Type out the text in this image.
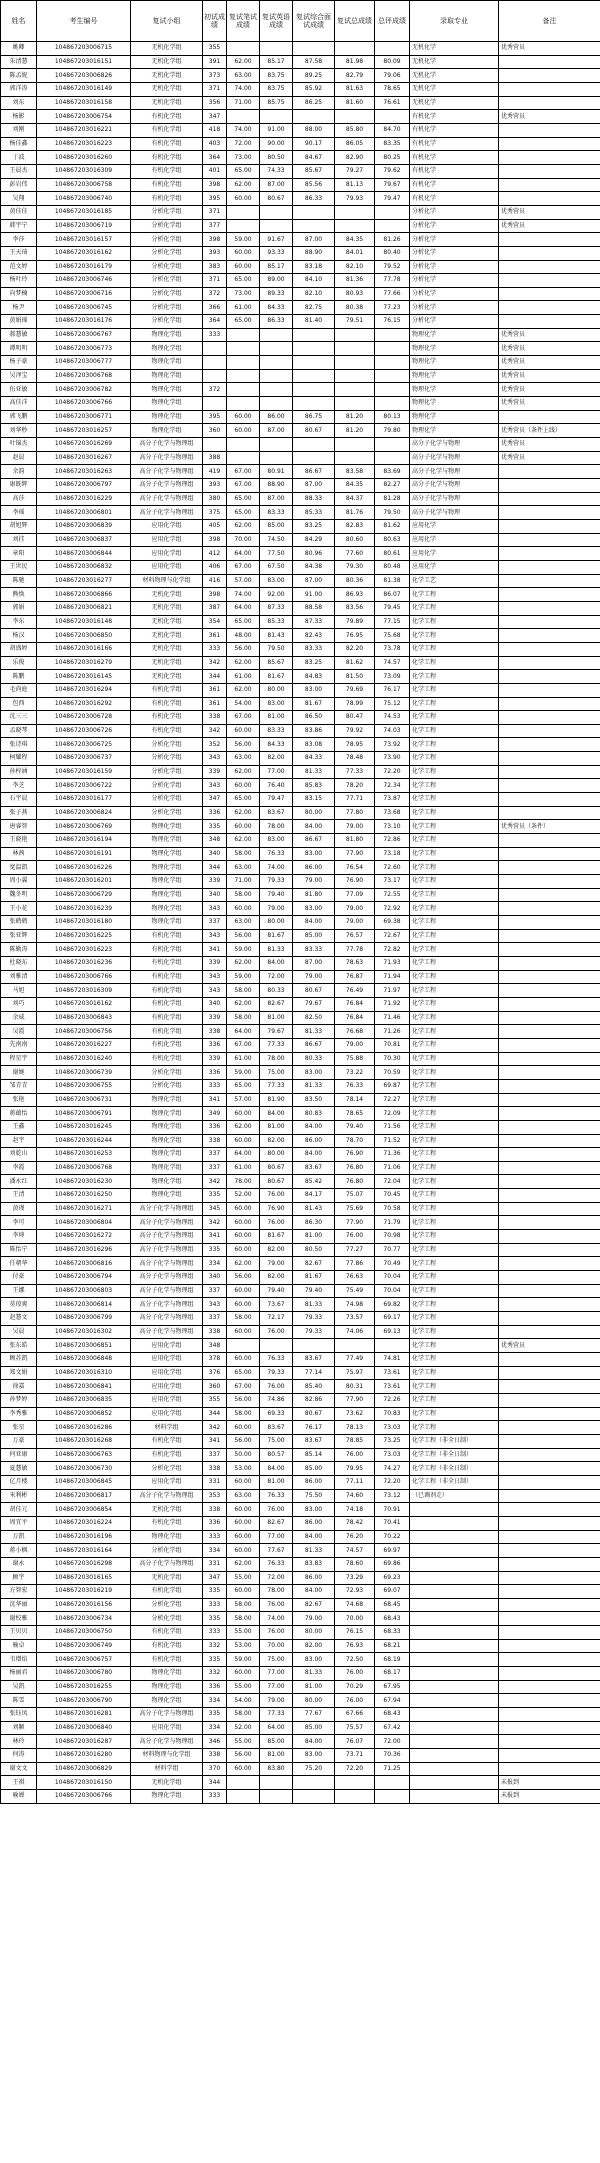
姓名	考生编号	复试小组	初试成绩	复试笔试成绩	复试英语成绩	复试综合面试成绩	复试总成绩	总评成绩	录取专业	备注
姚卿	104867203006715	无机化学组	355						无机化学	优秀营员
朱清慧	104867203016151	无机化学组	391	62.00	85.17	87.58	81.98	80.09	无机化学	
陈孟妮	104867203006826	无机化学组	373	63.00	83.75	89.25	82.79	79.06	无机化学	
郭洋涛	104867203016149	无机化学组	371	74.00	83.75	85.92	81.63	78.65	无机化学	
刘东	104867203016158	无机化学组	356	71.00	85.75	86.25	81.60	76.61	无机化学	
杨影	104867203006754	有机化学组	347						有机化学	优秀营员
刘刚	104867203016221	有机化学组	418	74.00	91.00	88.00	85.80	84.70	有机化学	
杨佳鑫	104867203016223	有机化学组	403	72.00	90.00	90.17	86.05	83.35	有机化学	
丁波	104867203016260	有机化学组	364	73.00	80.50	84.67	82.90	80.25	有机化学	
王晨杰	104867203016309	有机化学组	401	65.00	74.33	85.67	79.27	79.62	有机化学	
彭岩伟	104867203006758	有机化学组	398	62.00	87.00	85.56	81.13	79.67	有机化学	
吴翔	104867203006740	有机化学组	395	60.00	80.67	86.33	79.93	79.47	有机化学	
黄佳佳	104867203016185	分析化学组	371						分析化学	优秀营员
韩宇宁	104867203006719	分析化学组	377						分析化学	优秀营员
李莎	104867203016157	分析化学组	398	59.00	91.67	87.00	84.35	81.26	分析化学	
王天琦	104867203016162	分析化学组	393	60.00	93.33	88.90	84.01	80.40	分析化学	
范文婷	104867203016179	分析化学组	383	60.00	85.17	83.18	82.10	79.52	分析化学	
杨叶玲	104867203006746	分析化学组	371	65.00	89.00	84.10	81.36	77.78	分析化学	
向梦楠	104867203006716	分析化学组	372	73.00	89.33	82.10	80.93	77.66	分析化学	
杨尹	104867203006745	分析化学组	366	61.00	84.33	82.75	80.38	77.23	分析化学	
黄娟瑶	104867203016176	分析化学组	364	65.00	86.33	81.40	79.51	76.15	分析化学	
郝慧敏	104867203006767	物理化学组	333						物理化学	优秀营员
谭明明	104867203006773	物理化学组							物理化学	优秀营员
杨子豪	104867203006777	物理化学组							物理化学	优秀营员
吴泽宝	104867203006768	物理化学组							物理化学	优秀营员
伍亚敏	104867203006782	物理化学组	372						物理化学	优秀营员
高佳洋	104867203006766	物理化学组							物理化学	优秀营员
郭飞鹏	104867203006771	物理化学组	395	60.00	86.00	86.75	81.20	80.13	物理化学	
刘华秒	104867203016257	物理化学组	360	60.00	87.00	80.67	81.20	79.80	物理化学	优秀营员（条件上线）
叶锦杰	104867203016269	高分子化学与物理组							高分子化学与物理	优秀营员
赵晨	104867203016267	高分子化学与物理组	388						高分子化学与物理	优秀营员
余韵	104867203016263	高分子化学与物理组	419	67.00	80.91	86.67	83.58	83.69	高分子化学与物理	
康既辉	104867203006797	高分子化学与物理组	393	67.00	88.90	87.00	84.35	82.27	高分子化学与物理	
高莎	104867203016229	高分子化学与物理组	380	65.00	87.00	88.33	84.37	81.28	高分子化学与物理	
李瑶	104867203006801	高分子化学与物理组	375	65.00	83.33	85.33	81.76	79.50	高分子化学与物理	
胡旭辉	104867203006839	应用化学组	405	62.00	85.00	83.25	82.83	81.62	应用化学	
刘挂	104867203006837	应用化学组	398	70.00	74.50	84.29	80.60	80.63	应用化学	
章阳	104867203006844	应用化学组	412	64.00	77.50	80.96	77.60	80.61	应用化学	
王世民	104867203006832	应用化学组	406	67.00	67.50	84.38	79.30	80.48	应用化学	
陈驰	104867203016277	材料物理与化学组	416	57.00	83.00	87.00	80.36	81.38	化学工艺	
熊焕	104867203006866	无机化学组	398	74.00	92.00	91.00	86.93	86.07	化学工程	
郭娟	104867203006821	无机化学组	387	64.00	87.33	88.58	83.56	79.45	化学工程	
李东	104867203016148	无机化学组	354	65.00	85.33	87.33	79.89	77.15	化学工程	
杨汉	104867203006850	无机化学组	361	48.00	81.43	82.43	76.95	75.68	化学工程	
胡盛婷	104867203016166	无机化学组	333	56.00	79.50	83.33	82.20	73.78	化学工程	
乐俊	104867203016279	无机化学组	342	62.00	85.67	83.25	81.62	74.57	化学工程	
陈鹏	104867203016145	无机化学组	344	61.00	81.67	84.83	81.50	73.09	化学工程	
毛尚庭	104867203016294	有机化学组	361	62.00	80.00	83.00	79.69	76.17	化学工程	
包西	104867203016292	有机化学组	361	54.00	83.00	81.67	78.99	75.12	化学工程	
沈三三	104867203006728	有机化学组	338	67.00	81.00	86.50	80.47	74.53	化学工程	
孟晓琴	104867203006726	有机化学组	342	60.00	83.33	83.86	79.92	74.03	化学工程	
张诗琪	104867203006725	分析化学组	352	56.00	84.33	83.08	78.95	73.92	化学工程	
柯耀程	104867203006737	分析化学组	343	63.00	82.00	84.33	78.48	73.90	化学工程	
孙梓涵	104867203016159	分析化学组	339	62.00	77.00	81.33	77.33	72.20	化学工程	
李芝	104867203006722	分析化学组	343	60.00	76.40	85.83	78.20	72.34	化学工程	
石宇晨	104867203016177	分析化学组	347	65.00	79.47	83.15	77.71	73.87	化学工程	
张子燕	104867203006824	分析化学组	336	62.00	83.67	80.00	77.80	73.68	化学工程	
唐睿智	104867203006769	物理化学组	335	60.00	78.00	84.00	79.00	73.10	化学工程	优秀营员（条件）
王晓艳	104867203016194	物理化学组	348	62.00	83.00	86.67	81.80	72.86	化学工程	
林茜	104867203016191	物理化学组	340	58.00	76.33	83.00	77.90	73.18	化学工程	
宽温凯	104867203016226	物理化学组	344	63.00	74.00	86.00	76.54	72.60	化学工程	
周小翼	104867203016201	物理化学组	339	71.00	79.33	79.00	76.90	73.17	化学工程	
魏冬明	104867203006729	物理化学组	340	58.00	79.40	81.80	77.09	72.55	化学工程	
王小花	104867203016239	物理化学组	343	60.00	79.00	83.00	79.00	72.92	化学工程	
张鹤鹤	104867203016180	物理化学组	337	63.00	80.00	84.00	79.00	69.38	化学工程	
张亚辉	104867203016225	有机化学组	343	56.00	81.67	85.00	76.57	72.67	化学工程	
陈勤涛	104867203016223	有机化学组	341	59.00	81.33	83.33	77.78	72.82	化学工程	
杜晓东	104867203016236	有机化学组	339	62.00	84.00	87.00	78.63	71.93	化学工程	
刘雅清	104867203006766	有机化学组	343	59.00	72.00	79.00	76.87	71.94	化学工程	
马旭	104867203016309	有机化学组	343	58.00	80.33	80.67	76.49	71.97	化学工程	
刘巧	104867203016162	有机化学组	340	62.00	82.67	79.67	76.84	71.92	化学工程	
余威	104867203006843	有机化学组	339	58.00	81.00	82.50	76.84	71.46	化学工程	
吴霞	104867203006756	有机化学组	338	64.00	79.67	81.33	76.68	71.26	化学工程	
先南南	104867203016227	有机化学组	336	67.00	77.33	86.67	79.00	70.81	化学工程	
程星宇	104867203016240	有机化学组	339	61.00	78.00	80.33	75.88	70.30	化学工程	
谢婉	104867203006739	分析化学组	336	59.00	75.00	83.00	73.22	70.59	化学工程	
邹青青	104867203006755	分析化学组	333	65.00	77.33	81.33	76.33	69.87	化学工程	
张艳	104867203006731	物理化学组	341	57.00	81.90	83.50	78.14	72.27	化学工程	
蒋蕴怡	104867203006791	物理化学组	349	60.00	84.00	80.83	78.65	72.09	化学工程	
王鑫	104867203016245	物理化学组	336	62.00	81.00	84.00	79.40	71.56	化学工程	
赵宇	104867203016244	物理化学组	338	60.00	82.00	86.00	78.70	71.52	化学工程	
刘乾山	104867203016253	物理化学组	337	64.00	80.00	84.00	76.90	71.36	化学工程	
李霞	104867203006768	物理化学组	337	61.00	80.67	83.67	76.80	71.06	化学工程	
潘永红	104867203016230	物理化学组	342	78.00	80.67	85.42	76.80	72.04	化学工程	
王清	104867203016250	物理化学组	335	52.00	76.00	84.17	75.07	70.45	化学工程	
黄瑾	104867203016271	高分子化学与物理组	345	60.00	76.90	81.43	75.69	70.58	化学工程	
李可	104867203006804	高分子化学与物理组	342	60.00	76.00	86.30	77.90	71.79	化学工程	
李坤	104867203016272	高分子化学与物理组	341	60.00	81.67	81.00	76.00	70.98	化学工程	
陈怡宁	104867203016296	高分子化学与物理组	335	60.00	82.00	80.50	77.27	70.77	化学工程	
任朝华	104867203006816	高分子化学与物理组	334	62.00	79.00	82.67	77.86	70.49	化学工程	
付豪	104867203006794	高分子化学与物理组	340	56.00	82.00	81.67	76.63	70.04	化学工程	
王娜	104867203006803	高分子化学与物理组	337	60.00	79.40	79.40	75.49	70.04	化学工程	
莫琼爽	104867203006814	高分子化学与物理组	343	60.00	73.67	81.33	74.98	69.82	化学工程	
赵慧文	104867203006799	高分子化学与物理组	337	58.00	72.17	79.33	73.57	69.17	化学工程	
吴晨	104867203016302	高分子化学与物理组	338	60.00	76.00	79.33	74.06	69.13	化学工程	
张东皓	104867203006851	应用化学组	348						化学工程	优秀营员
顾苏凯	104867203006848	应用化学组	378	60.00	76.33	83.67	77.49	74.81	化学工程	
郑文娟	104867203016310	应用化学组	376	65.00	79.33	77.14	75.97	73.61	化学工程	
徐嘉	104867203006841	应用化学组	360	67.00	76.00	85.40	80.31	73.61	化学工程	
孙梦婷	104867203006835	应用化学组	355	56.00	74.86	82.86	77.90	72.26	化学工程	
李秀雅	104867203006852	应用化学组	344	58.00	69.33	80.67	73.62	70.83	化学工程	
张星	104867203016286	材料学组	342	60.00	83.67	76.17	78.13	73.03	化学工程	
万豪	104867203016268	有机化学组	341	56.00	75.00	83.67	78.85	73.25	化学工程（非全日制）	
何亚康	104867203006763	有机化学组	337	50.00	80.57	85.14	76.00	73.03	化学工程（非全日制）	
夏慧敏	104867203006730	分析化学组	338	53.00	84.00	85.00	79.95	74.27	化学工程（非全日制）	
亿月楼	104867203006845	应用化学组	331	60.00	81.00	86.00	77.11	72.20	化学工程（非全日制）	
米利彬	104867203006817	高分子化学与物理组	353	63.00	76.33	75.50	74.60	73.12	（已调剂走）	
胡佳元	104867203006854	无机化学组	338	60.00	76.00	83.00	74.18	70.91		
周宜平	104867203016224	有机化学组	336	60.00	82.67	86.00	78.42	70.41		
万凯	104867203016196	物理化学组	333	60.00	77.00	84.00	76.20	70.22		
蒋小枫	104867203016164	分析化学组	334	60.00	77.67	81.33	74.57	69.97		
谢永	104867203016298	高分子化学与物理组	331	62.00	76.33	83.83	78.60	69.86		
顾宇	104867203016165	无机化学组	347	55.00	72.00	86.00	73.29	69.23		
方智宏	104867203016219	有机化学组	335	60.00	78.00	84.00	72.93	69.07		
沈华丽	104867203016156	分析化学组	333	58.00	76.00	82.67	74.68	68.45		
谢校雅	104867203006734	分析化学组	335	58.00	74.00	79.00	70.00	68.43		
王贝贝	104867203006750	有机化学组	333	55.00	76.00	80.00	76.15	68.33		
喻卓	104867203006749	有机化学组	332	53.00	70.00	82.00	76.93	68.21		
韦增焰	104867203006757	有机化学组	335	59.00	75.00	83.00	72.50	68.19		
杨丽君	104867203006780	物理化学组	332	60.00	77.00	81.33	76.00	68.17		
吴凯	104867203016255	物理化学组	336	55.00	77.00	81.00	70.29	67.95		
陈雪	104867203006790	物理化学组	334	54.00	79.00	80.00	76.00	67.94		
张钰凤	104867203016281	高分子化学与物理组	335	58.00	77.33	77.67	67.66	68.43		
刘颖	104867203006840	应用化学组	334	52.00	64.00	85.00	75.57	67.42		
林玲	104867203016287	高分子化学与物理组	346	55.00	85.00	84.00	76.07	72.00		
何涛	104867203016280	材料物理与化学组	338	56.00	81.00	83.00	73.71	70.36		
谢文文	104867203006829	材料学组	370	60.00	83.80	75.20	72.20	71.25		
王祺	104867203016150	无机化学组	344							未报到
喻婵	104867203006766	物理化学组	333							未报到
